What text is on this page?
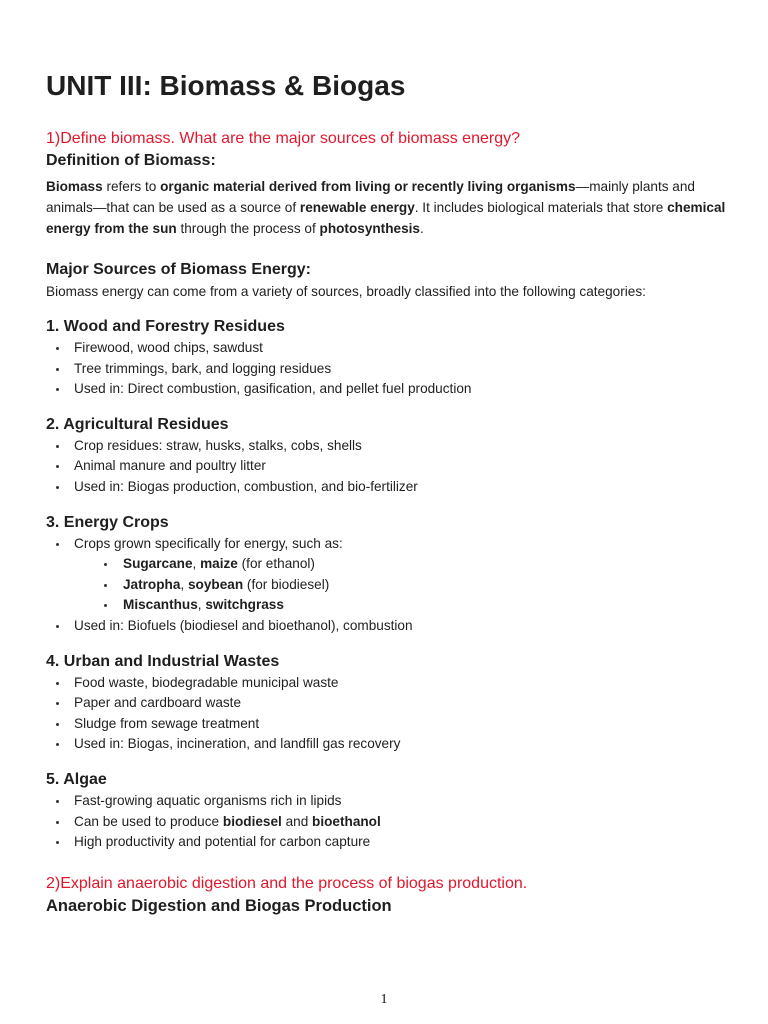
UNIT III: Biomass & Biogas
1)Define biomass. What are the major sources of biomass energy?
Definition of Biomass:

Biomass refers to organic material derived from living or recently living organisms—mainly plants and animals—that can be used as a source of renewable energy. It includes biological materials that store chemical energy from the sun through the process of photosynthesis.

Major Sources of Biomass Energy:

Biomass energy can come from a variety of sources, broadly classified into the following categories:

1. Wood and Forestry Residues
Firewood, wood chips, sawdust
Tree trimmings, bark, and logging residues
Used in: Direct combustion, gasification, and pellet fuel production
2. Agricultural Residues
Crop residues: straw, husks, stalks, cobs, shells
Animal manure and poultry litter
Used in: Biogas production, combustion, and bio-fertilizer
3. Energy Crops
Crops grown specifically for energy, such as:
Sugarcane, maize (for ethanol)
Jatropha, soybean (for biodiesel)
Miscanthus, switchgrass
Used in: Biofuels (biodiesel and bioethanol), combustion
4. Urban and Industrial Wastes
Food waste, biodegradable municipal waste
Paper and cardboard waste
Sludge from sewage treatment
Used in: Biogas, incineration, and landfill gas recovery
5. Algae
Fast-growing aquatic organisms rich in lipids
Can be used to produce biodiesel and bioethanol
High productivity and potential for carbon capture
2)Explain anaerobic digestion and the process of biogas production.
Anaerobic Digestion and Biogas Production
1
